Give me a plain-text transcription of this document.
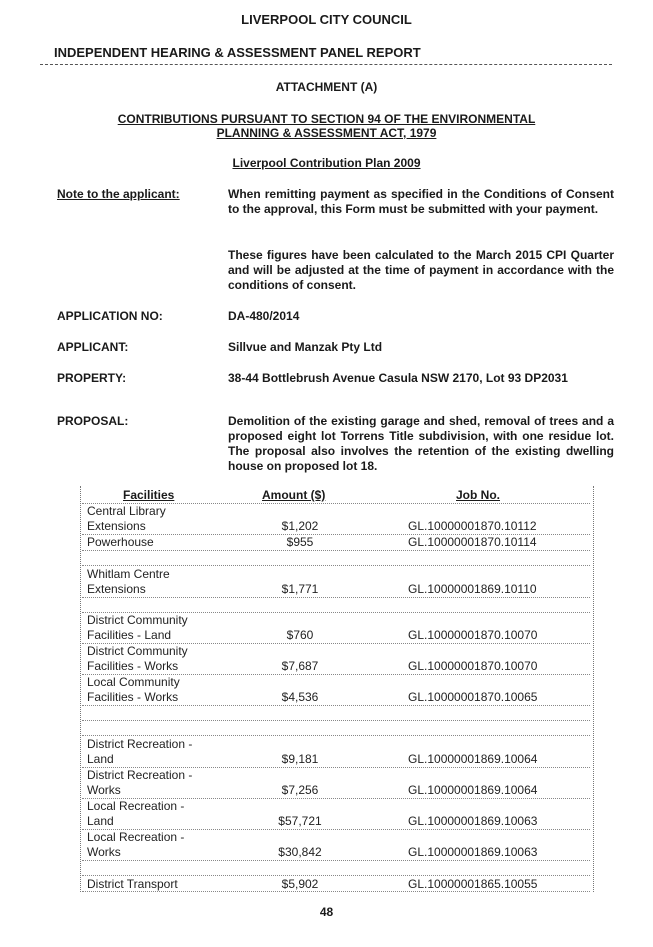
LIVERPOOL CITY COUNCIL
INDEPENDENT HEARING & ASSESSMENT PANEL REPORT
ATTACHMENT (A)
CONTRIBUTIONS PURSUANT TO SECTION 94 OF THE ENVIRONMENTAL
PLANNING & ASSESSMENT ACT, 1979
Liverpool Contribution Plan 2009
Note to the applicant:	When remitting payment as specified in the Conditions of Consent to the approval, this Form must be submitted with your payment.
These figures have been calculated to the March 2015 CPI Quarter and will be adjusted at the time of payment in accordance with the conditions of consent.
APPLICATION NO:	DA-480/2014
APPLICANT:	Sillvue and Manzak Pty Ltd
PROPERTY:	38-44 Bottlebrush Avenue Casula NSW 2170, Lot 93 DP2031
PROPOSAL:	Demolition of the existing garage and shed, removal of trees and a proposed eight lot Torrens Title subdivision, with one residue lot. The proposal also involves the retention of the existing dwelling house on proposed lot 18.
Facilities	Amount ($)	Job No.
Central Library
Extensions	$1,202	GL.10000001870.10112
Powerhouse	$955	GL.10000001870.10114
Whitlam Centre
Extensions	$1,771	GL.10000001869.10110
District Community
Facilities - Land	$760	GL.10000001870.10070
District Community
Facilities - Works	$7,687	GL.10000001870.10070
Local Community
Facilities - Works	$4,536	GL.10000001870.10065
District Recreation -
Land	$9,181	GL.10000001869.10064
District Recreation -
Works	$7,256	GL.10000001869.10064
Local Recreation -
Land	$57,721	GL.10000001869.10063
Local Recreation -
Works	$30,842	GL.10000001869.10063
District Transport	$5,902	GL.10000001865.10055
48
